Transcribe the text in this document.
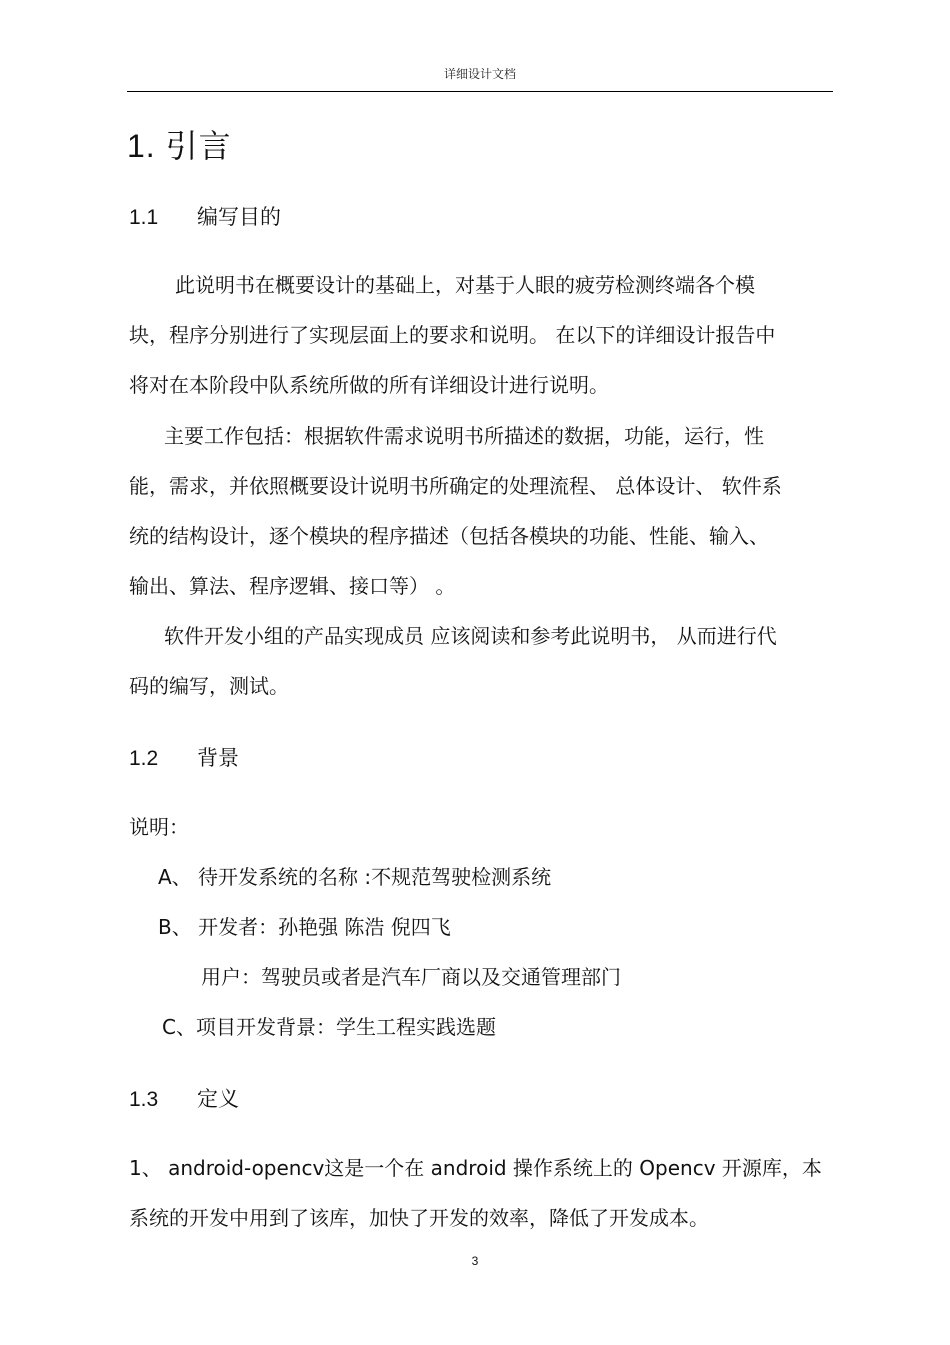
详细设计文档
1. 引言
1.1 编写目的
此说明书在概要设计的基础上，对基于人眼的疲劳检测终端各个模
块，程序分别进行了实现层面上的要求和说明。 在以下的详细设计报告中
将对在本阶段中队系统所做的所有详细设计进行说明。
主要工作包括：根据软件需求说明书所描述的数据，功能，运行，性
能，需求，并依照概要设计说明书所确定的处理流程、 总体设计、 软件系
统的结构设计，逐个模块的程序描述（包括各模块的功能、性能、输入、
输出、算法、程序逻辑、接口等） 。
软件开发小组的产品实现成员 应该阅读和参考此说明书， 从而进行代
码的编写，测试。
1.2 背景
说明：
A、 待开发系统的名称 :不规范驾驶检测系统
B、 开发者：孙艳强 陈浩 倪四飞
用户：驾驶员或者是汽车厂商以及交通管理部门
C、项目开发背景：学生工程实践选题
1.3 定义
1、 android-opencv这是一个在 android 操作系统上的 Opencv 开源库，本
系统的开发中用到了该库，加快了开发的效率，降低了开发成本。
3
